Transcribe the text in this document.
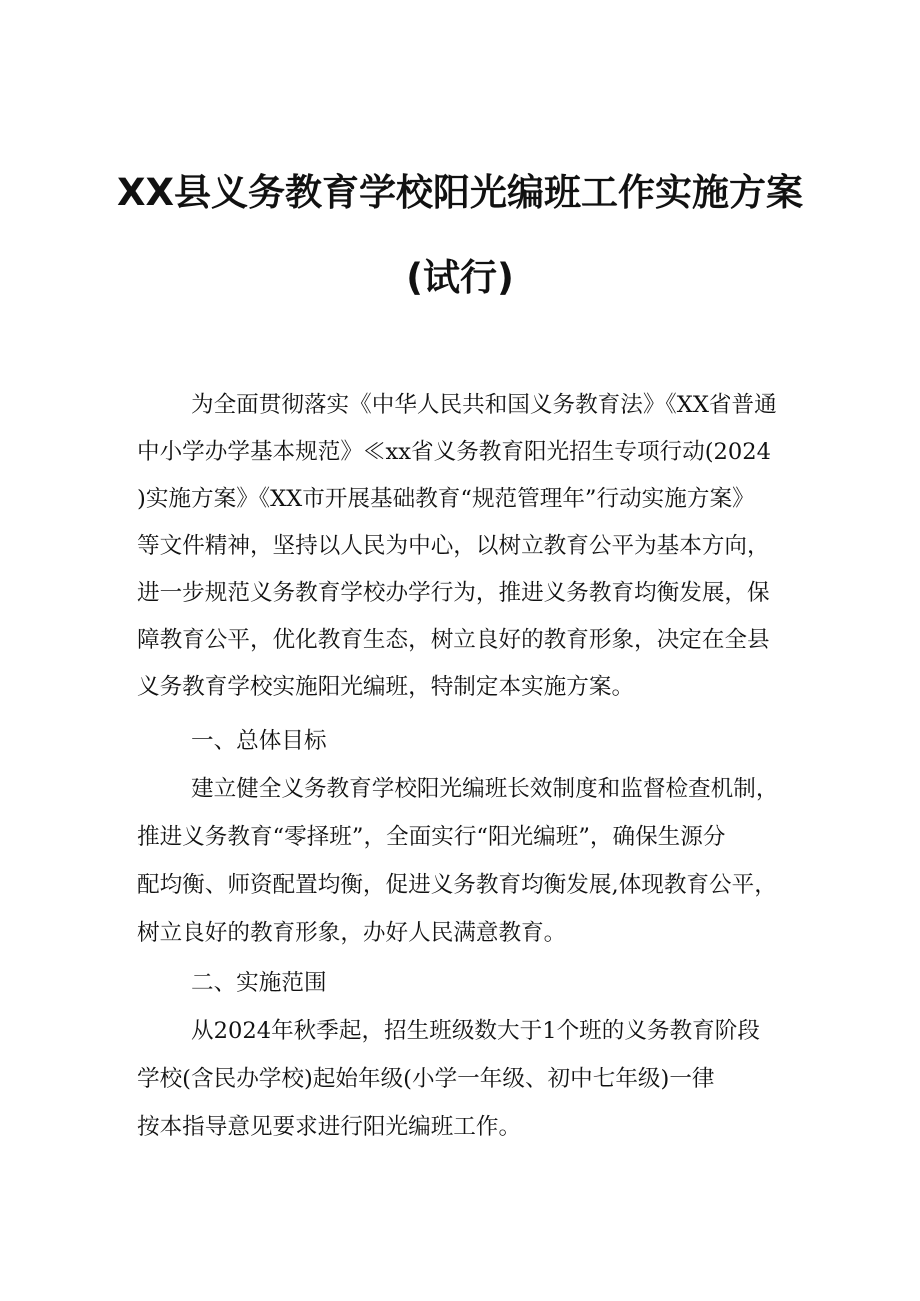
XX县义务教育学校阳光编班工作实施方案
(试行)
为全面贯彻落实《中华人民共和国义务教育法》《XX省普通
中小学办学基本规范》≪xx省义务教育阳光招生专项行动(2024
)实施方案》《XX市开展基础教育“规范管理年”行动实施方案》
等文件精神，坚持以人民为中心，以树立教育公平为基本方向，
进一步规范义务教育学校办学行为，推进义务教育均衡发展，保
障教育公平，优化教育生态，树立良好的教育形象，决定在全县
义务教育学校实施阳光编班，特制定本实施方案。
一、总体目标
建立健全义务教育学校阳光编班长效制度和监督检查机制，
推进义务教育“零择班”，全面实行“阳光编班”，确保生源分
配均衡、师资配置均衡，促进义务教育均衡发展,体现教育公平，
树立良好的教育形象，办好人民满意教育。
二、实施范围
从2024年秋季起，招生班级数大于1个班的义务教育阶段
学校(含民办学校)起始年级(小学一年级、初中七年级)一律
按本指导意见要求进行阳光编班工作。
